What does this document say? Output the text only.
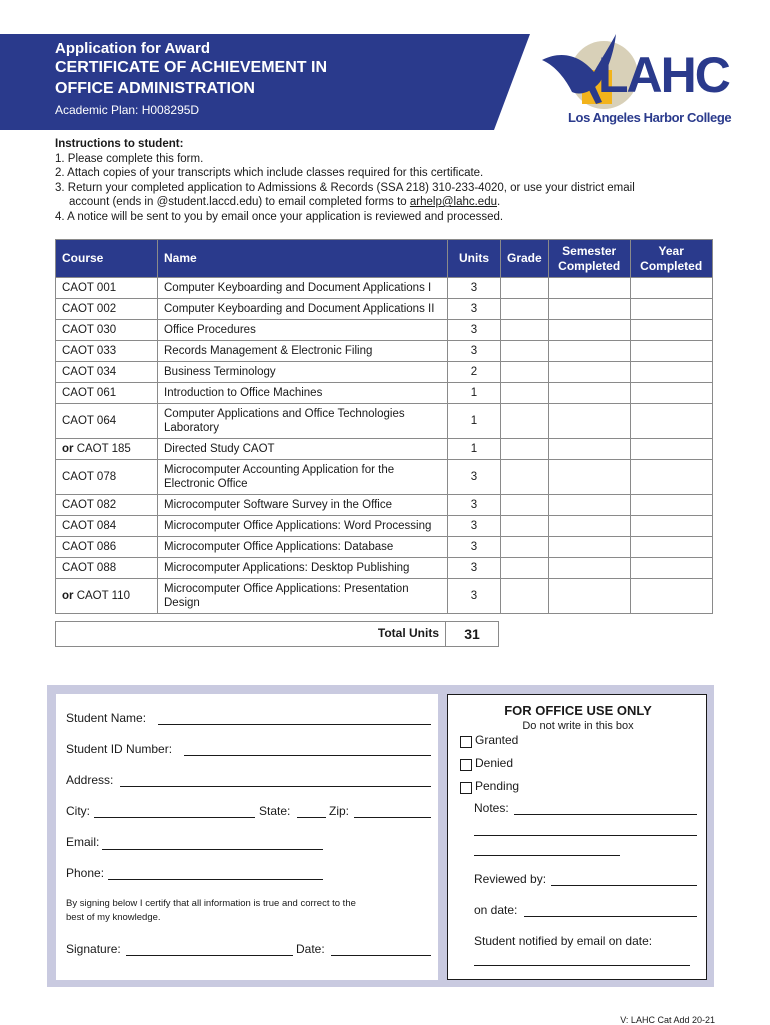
Application for Award
CERTIFICATE OF ACHIEVEMENT IN
OFFICE ADMINISTRATION
Academic Plan: H008295D
LAHC
Los Angeles Harbor College
Instructions to student:
1. Please complete this form.
2. Attach copies of your transcripts which include classes required for this certificate.
3. Return your completed application to Admissions & Records (SSA 218) 310-233-4020, or use your district email
account (ends in @student.laccd.edu) to email completed forms to arhelp@lahc.edu.
4. A notice will be sent to you by email once your application is reviewed and processed.
Course	Name	Units	Grade	Semester Completed	Year Completed
CAOT 001	Computer Keyboarding and Document Applications I	3			
CAOT 002	Computer Keyboarding and Document Applications II	3			
CAOT 030	Office Procedures	3			
CAOT 033	Records Management & Electronic Filing	3			
CAOT 034	Business Terminology	2			
CAOT 061	Introduction to Office Machines	1			
CAOT 064	Computer Applications and Office Technologies Laboratory	1			
or CAOT 185	Directed Study CAOT	1			
CAOT 078	Microcomputer Accounting Application for the Electronic Office	3			
CAOT 082	Microcomputer Software Survey in the Office	3			
CAOT 084	Microcomputer Office Applications: Word Processing	3			
CAOT 086	Microcomputer Office Applications: Database	3			
CAOT 088	Microcomputer Applications: Desktop Publishing	3			
or CAOT 110	Microcomputer Office Applications: Presentation Design	3			
Total Units	31
Student Name:
Student ID Number:
Address:
City:	State:	Zip:
Email:
Phone:
By signing below I certify that all information is true and correct to the
best of my knowledge.
Signature:	Date:
FOR OFFICE USE ONLY
Do not write in this box
Granted
Denied
Pending
Notes:
Reviewed by:
on date:
Student notified by email on date:
V: LAHC Cat Add 20-21
